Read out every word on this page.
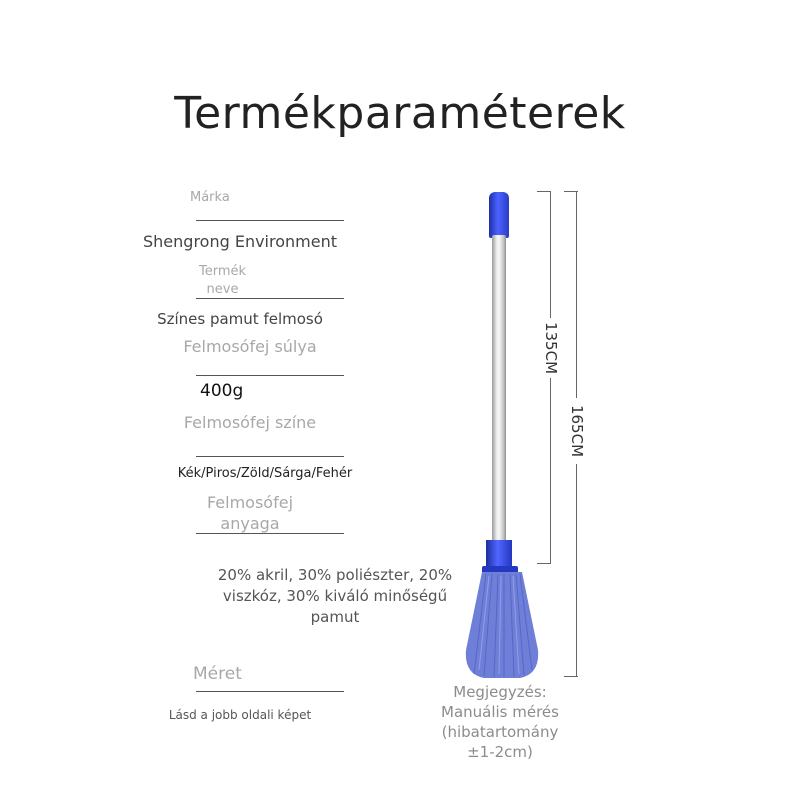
Termékparaméterek
Márka
Shengrong Environment
Termék neve
Színes pamut felmosó
Felmosófej súlya
400g
Felmosófej színe
Kék/Piros/Zöld/Sárga/Fehér
Felmosófej anyaga
20% akril, 30% poliészter, 20% viszkóz, 30% kiváló minőségű pamut
Méret
Lásd a jobb oldali képet
135CM
165CM
Megjegyzés: Manuális mérés (hibatartomány ±1-2cm)
